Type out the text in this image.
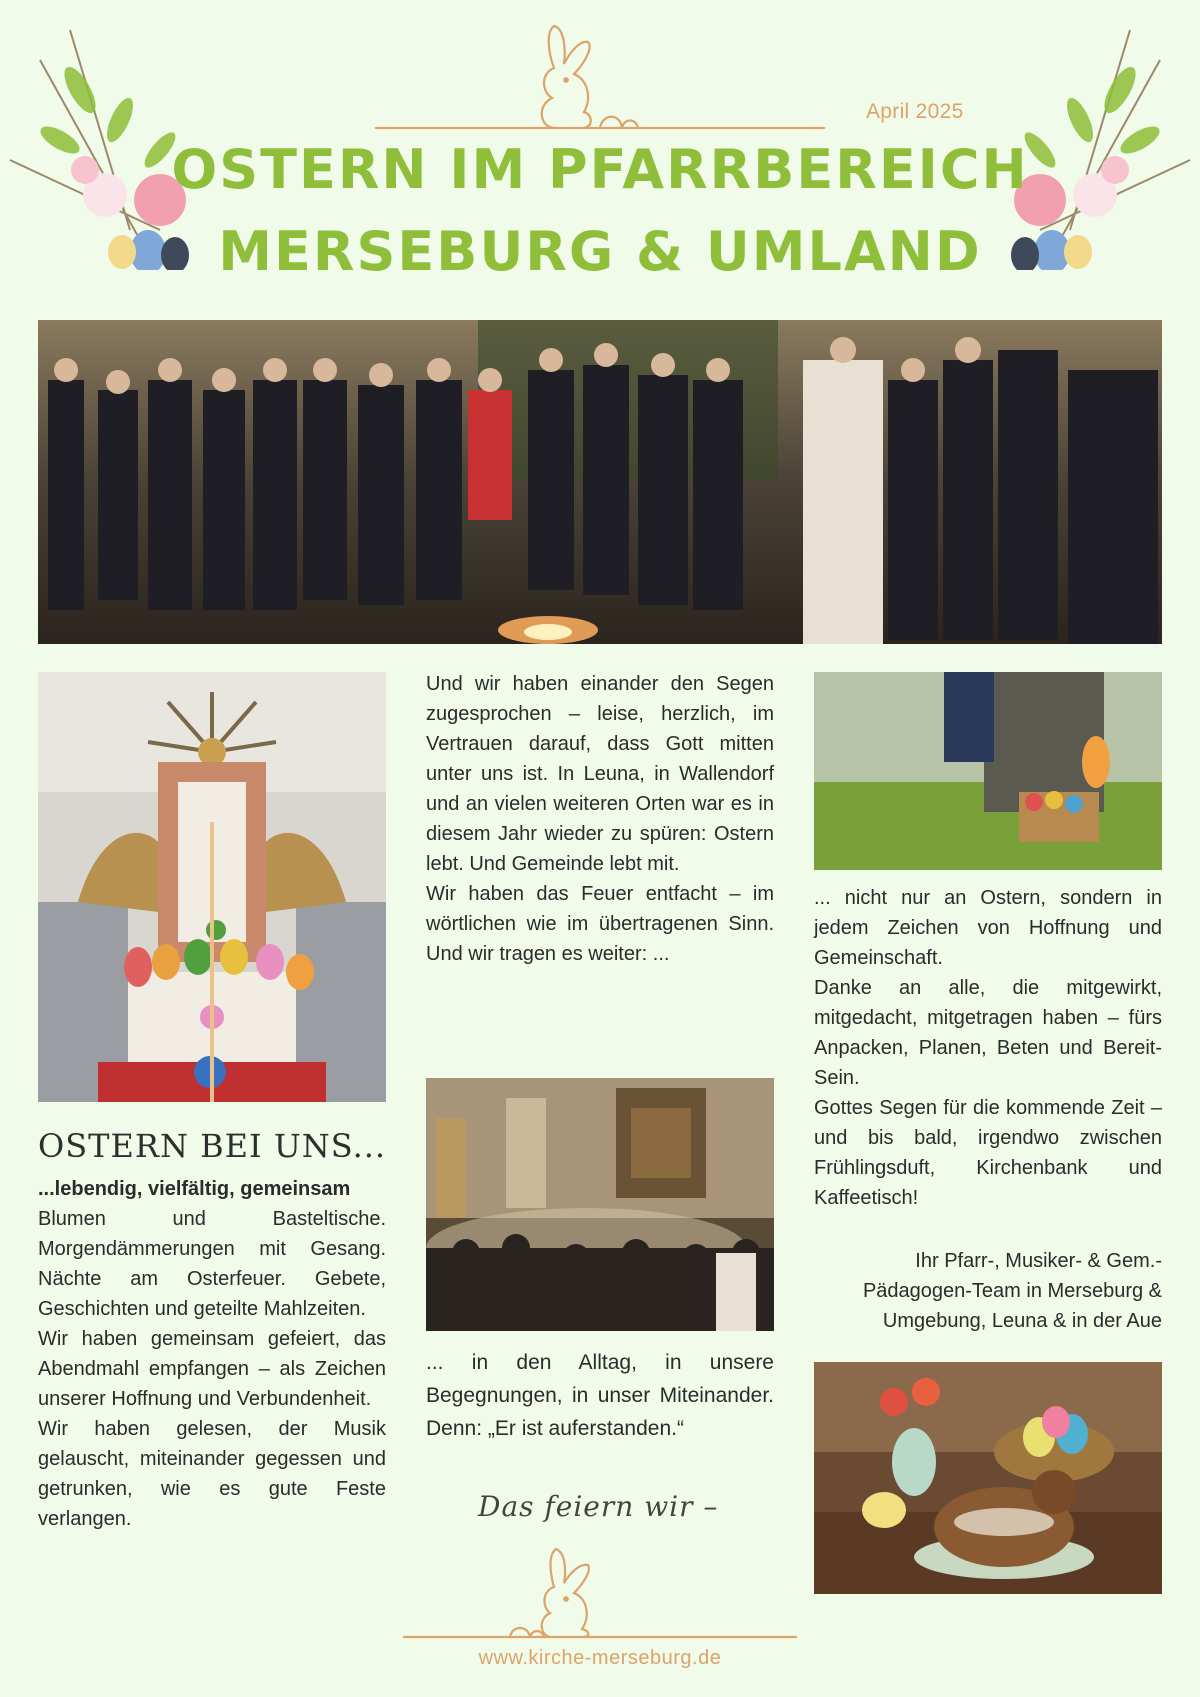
April 2025
OSTERN IM PFARRBEREICH
MERSEBURG & UMLAND
OSTERN BEI UNS...

...lebendig, vielfältig, gemeinsam

Blumen und Basteltische. Morgendämmerungen mit Gesang. Nächte am Osterfeuer. Gebete, Geschichten und geteilte Mahlzeiten.

Wir haben gemeinsam gefeiert, das Abendmahl empfangen – als Zeichen unserer Hoffnung und Verbundenheit.

Wir haben gelesen, der Musik gelauscht, miteinander gegessen und getrunken, wie es gute Feste verlangen.

Und wir haben einander den Segen zugesprochen – leise, herzlich, im Vertrauen darauf, dass Gott mitten unter uns ist. In Leuna, in Wallendorf und an vielen weiteren Orten war es in diesem Jahr wieder zu spüren: Ostern lebt. Und Gemeinde lebt mit.

Wir haben das Feuer entfacht – im wörtlichen wie im übertragenen Sinn. Und wir tragen es weiter: ...

... in den Alltag, in unsere Begegnungen, in unser Miteinander. Denn: „Er ist auferstanden.“

Das feiern wir –

... nicht nur an Ostern, sondern in jedem Zeichen von Hoffnung und Gemeinschaft.

Danke an alle, die mitgewirkt, mitgedacht, mitgetragen haben – fürs Anpacken, Planen, Beten und Bereit-Sein.

Gottes Segen für die kommende Zeit – und bis bald, irgendwo zwischen Frühlingsduft, Kirchenbank und Kaffeetisch!

Ihr Pfarr-, Musiker- & Gem.-Pädagogen-Team in Merseburg & Umgebung, Leuna & in der Aue
www.kirche-merseburg.de
